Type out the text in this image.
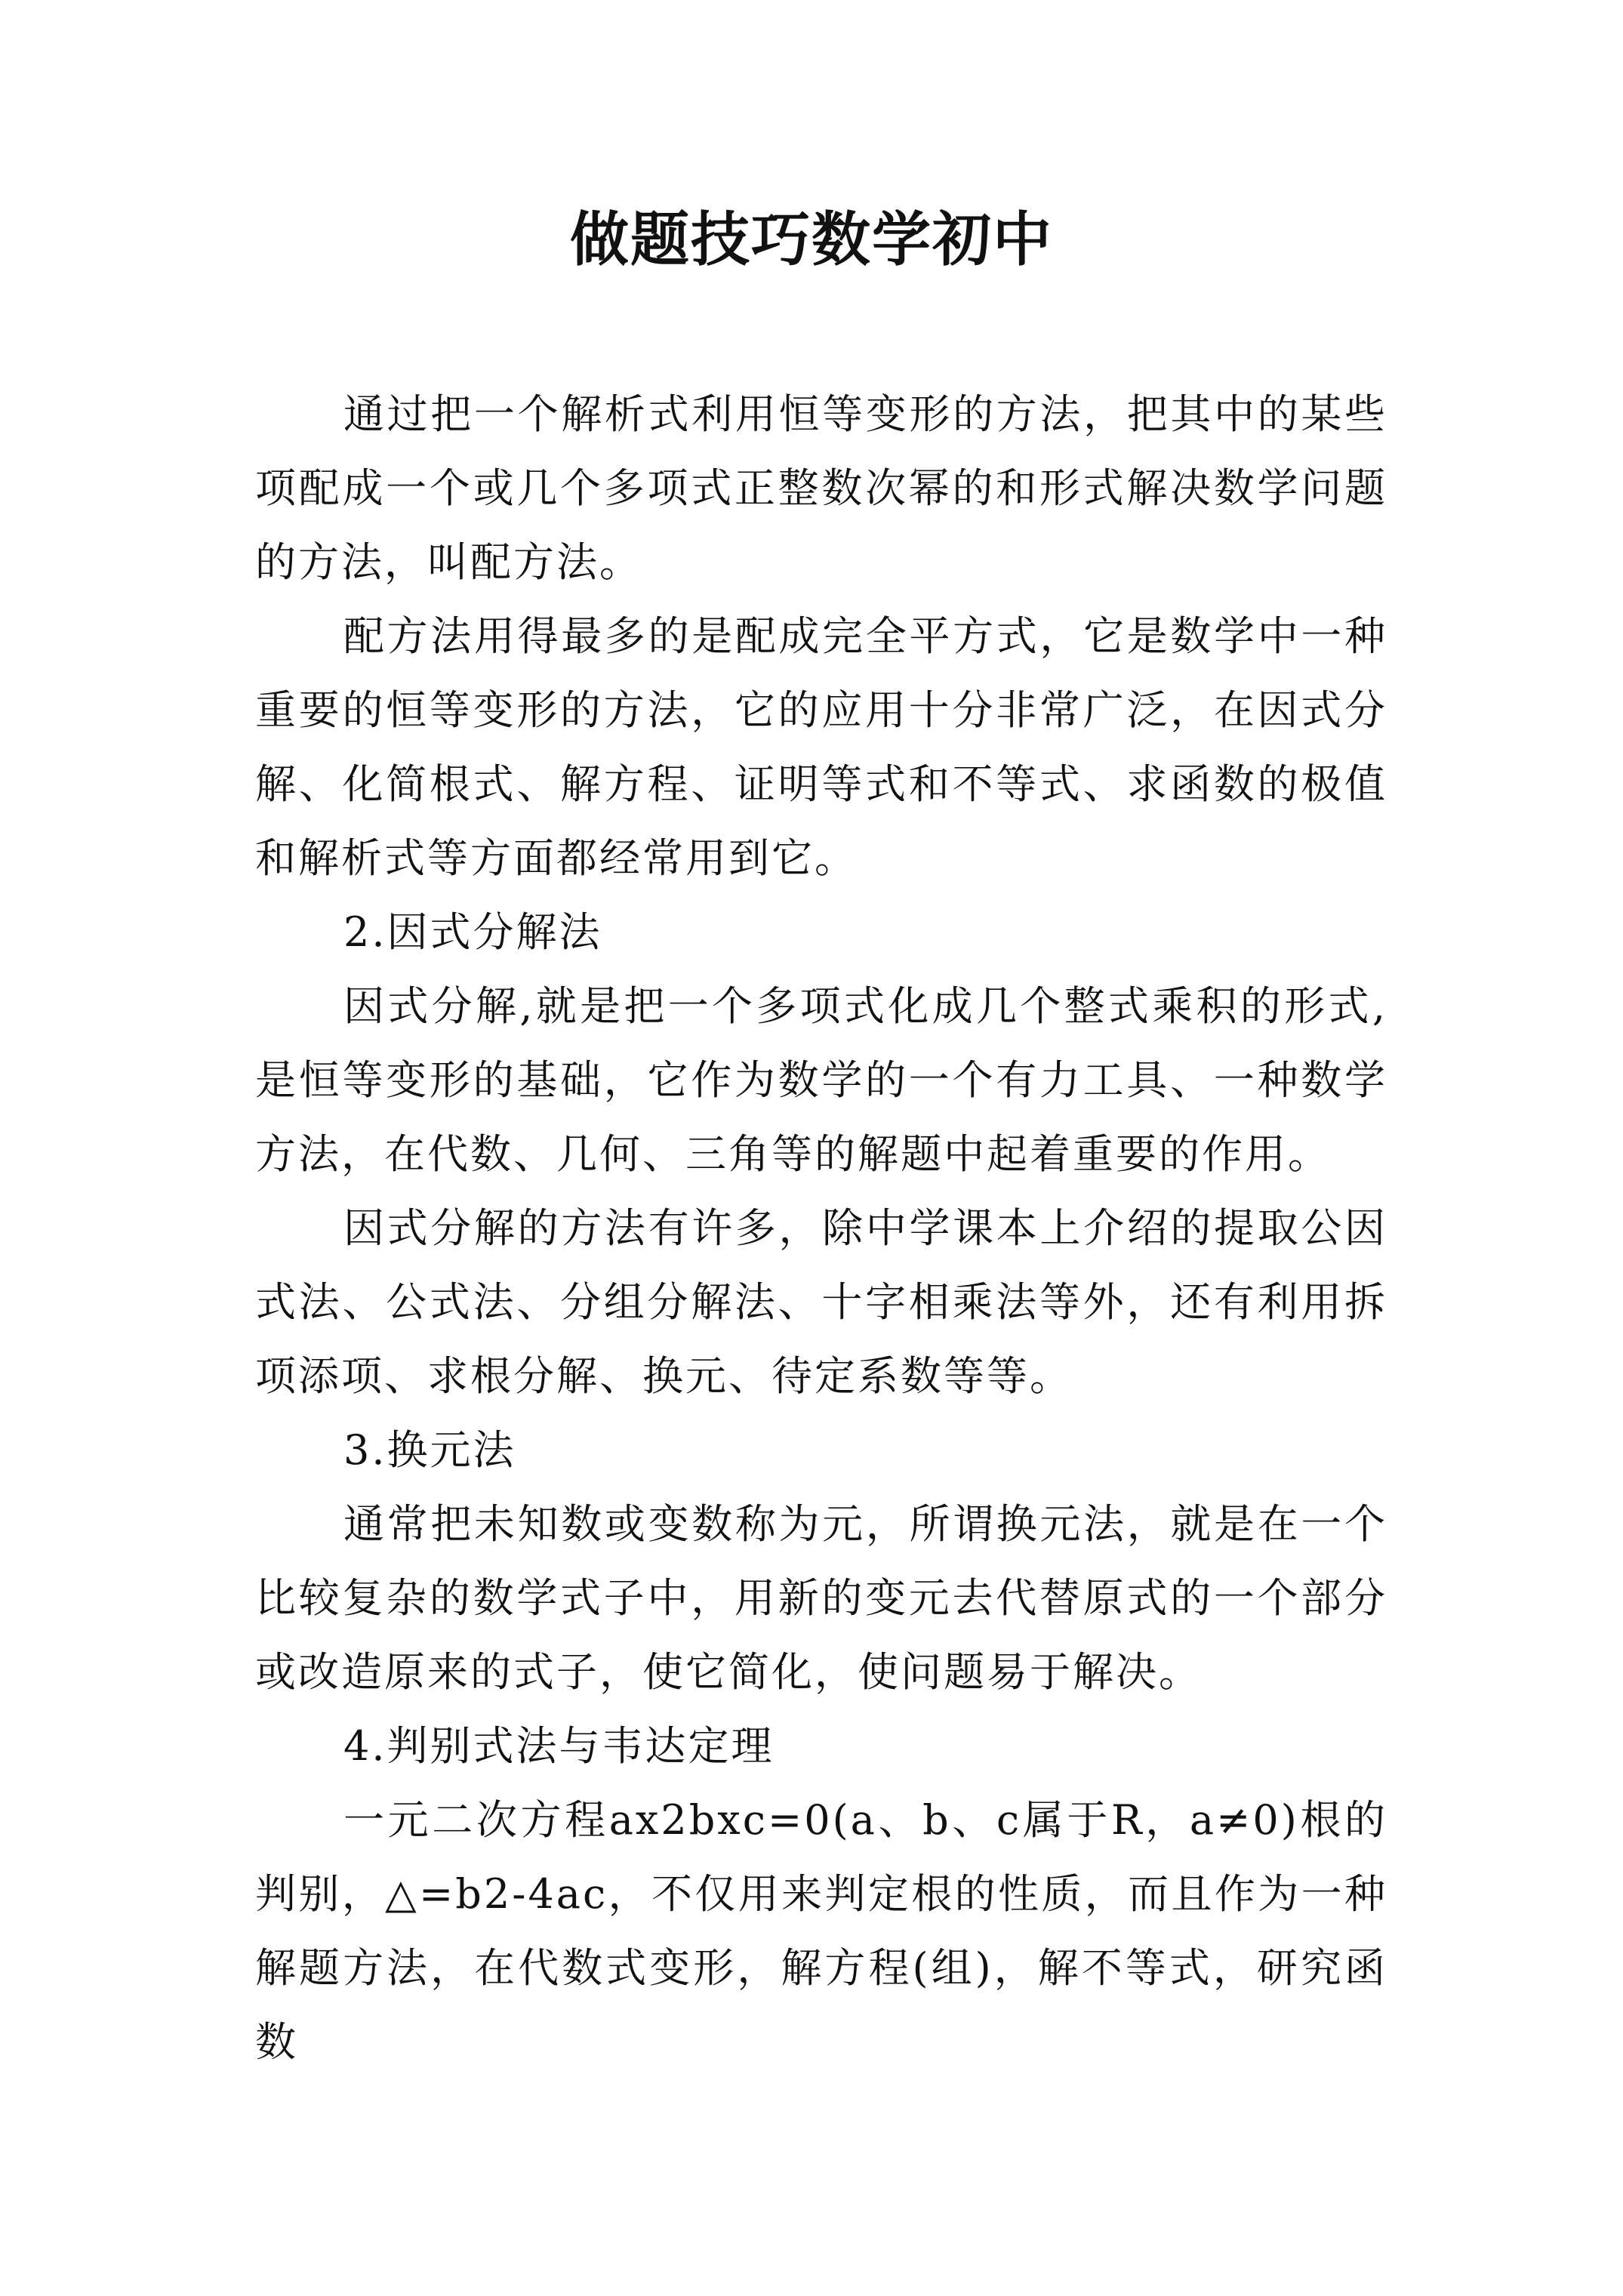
做题技巧数学初中

通过把一个解析式利用恒等变形的方法，把其中的某些项配成一个或几个多项式正整数次幂的和形式解决数学问题的方法，叫配方法。

配方法用得最多的是配成完全平方式，它是数学中一种重要的恒等变形的方法，它的应用十分非常广泛，在因式分解、化简根式、解方程、证明等式和不等式、求函数的极值和解析式等方面都经常用到它。

2.因式分解法

因式分解,就是把一个多项式化成几个整式乘积的形式,是恒等变形的基础，它作为数学的一个有力工具、一种数学方法，在代数、几何、三角等的解题中起着重要的作用。

因式分解的方法有许多，除中学课本上介绍的提取公因式法、公式法、分组分解法、十字相乘法等外，还有利用拆项添项、求根分解、换元、待定系数等等。

3.换元法

通常把未知数或变数称为元，所谓换元法，就是在一个比较复杂的数学式子中，用新的变元去代替原式的一个部分或改造原来的式子，使它简化，使问题易于解决。

4.判别式法与韦达定理

一元二次方程ax2bxc=0(a、b、c属于R，a≠0)根的判别，△=b2-4ac，不仅用来判定根的性质，而且作为一种解题方法，在代数式变形，解方程(组)，解不等式，研究函数
